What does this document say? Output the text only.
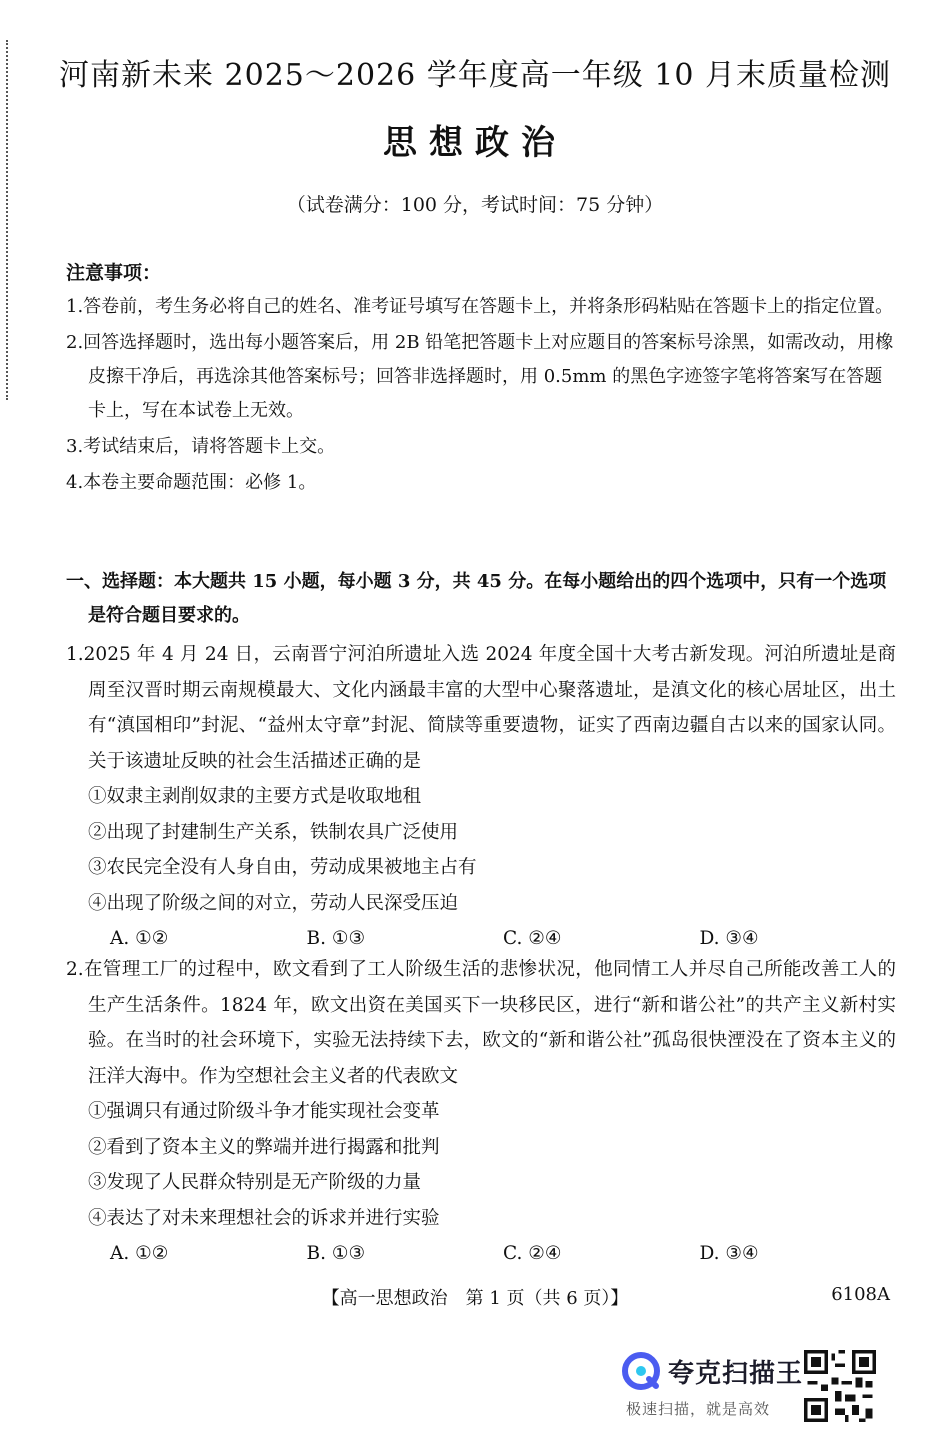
河南新未来 2025～2026 学年度高一年级 10 月末质量检测
思想政治
（试卷满分：100 分，考试时间：75 分钟）
注意事项：
1.答卷前，考生务必将自己的姓名、准考证号填写在答题卡上，并将条形码粘贴在答题卡上的指定位置。
2.回答选择题时，选出每小题答案后，用 2B 铅笔把答题卡上对应题目的答案标号涂黑，如需改动，用橡皮擦干净后，再选涂其他答案标号；回答非选择题时，用 0.5mm 的黑色字迹签字笔将答案写在答题卡上，写在本试卷上无效。
3.考试结束后，请将答题卡上交。
4.本卷主要命题范围：必修 1。
一、选择题：本大题共 15 小题，每小题 3 分，共 45 分。在每小题给出的四个选项中，只有一个选项是符合题目要求的。
1.2025 年 4 月 24 日，云南晋宁河泊所遗址入选 2024 年度全国十大考古新发现。河泊所遗址是商周至汉晋时期云南规模最大、文化内涵最丰富的大型中心聚落遗址，是滇文化的核心居址区，出土有“滇国相印”封泥、“益州太守章”封泥、简牍等重要遗物，证实了西南边疆自古以来的国家认同。关于该遗址反映的社会生活描述正确的是
①奴隶主剥削奴隶的主要方式是收取地租
②出现了封建制生产关系，铁制农具广泛使用
③农民完全没有人身自由，劳动成果被地主占有
④出现了阶级之间的对立，劳动人民深受压迫
A. ①②	B. ①③	C. ②④	D. ③④
2.在管理工厂的过程中，欧文看到了工人阶级生活的悲惨状况，他同情工人并尽自己所能改善工人的生产生活条件。1824 年，欧文出资在美国买下一块移民区，进行“新和谐公社”的共产主义新村实验。在当时的社会环境下，实验无法持续下去，欧文的“新和谐公社”孤岛很快湮没在了资本主义的汪洋大海中。作为空想社会主义者的代表欧文
①强调只有通过阶级斗争才能实现社会变革
②看到了资本主义的弊端并进行揭露和批判
③发现了人民群众特别是无产阶级的力量
④表达了对未来理想社会的诉求并进行实验
A. ①②	B. ①③	C. ②④	D. ③④
【高一思想政治　第 1 页（共 6 页）】	6108A
夸克扫描王
极速扫描，就是高效
